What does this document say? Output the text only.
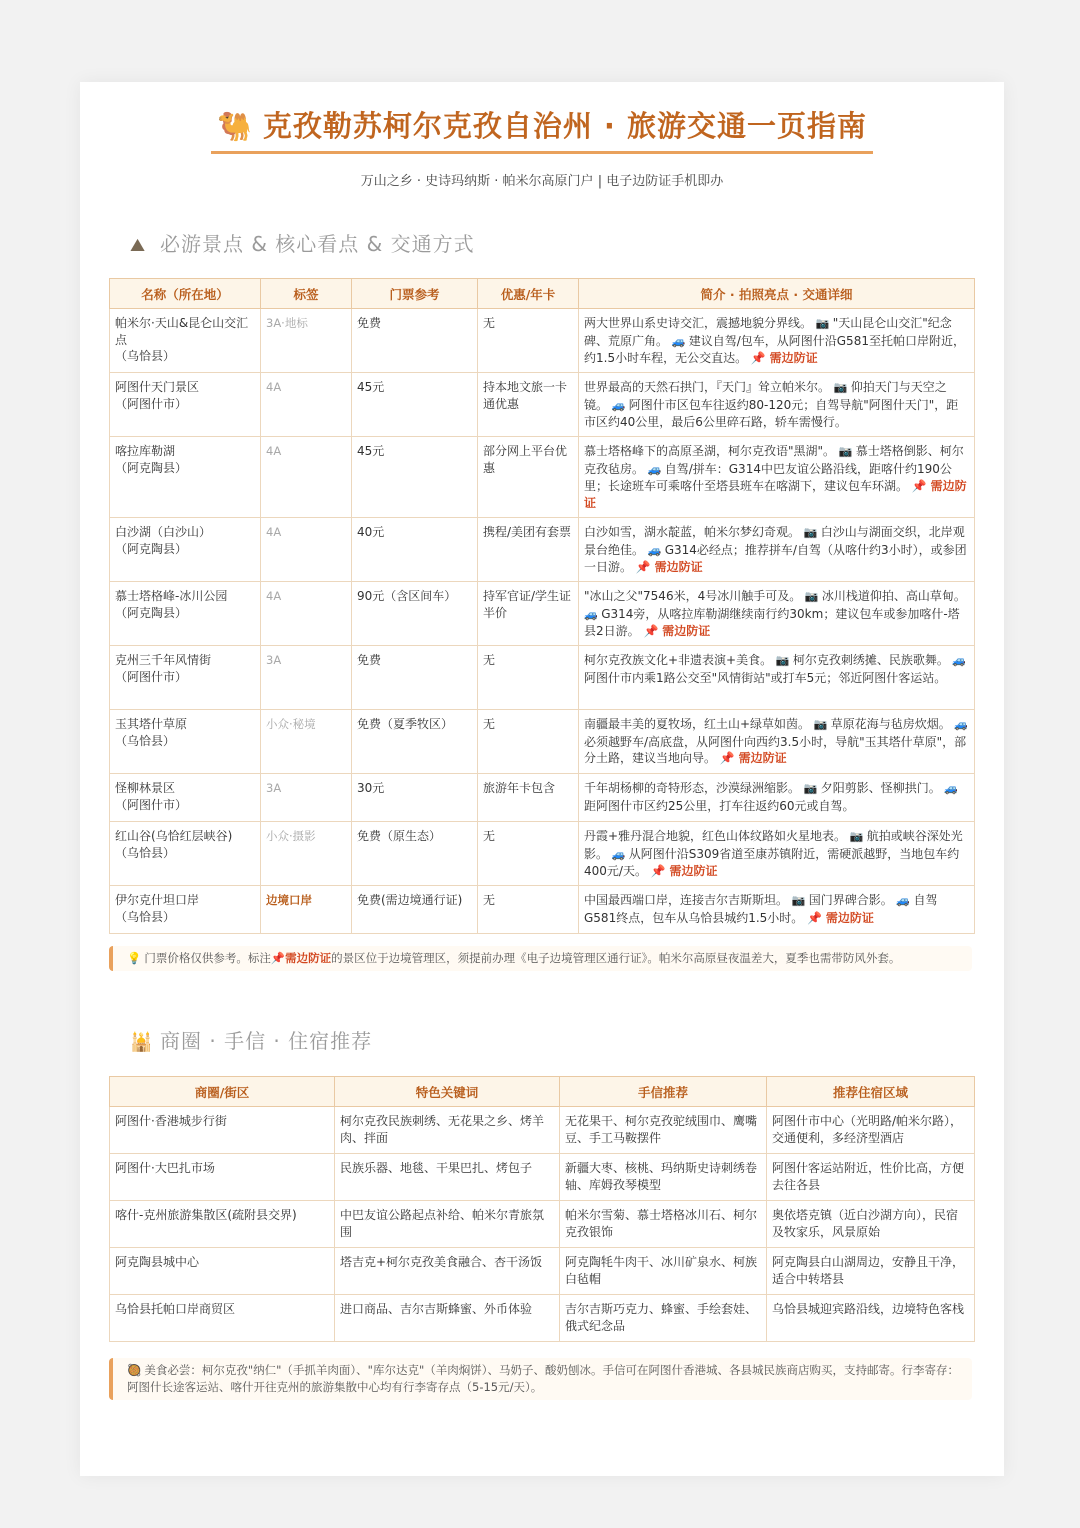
🐫 克孜勒苏柯尔克孜自治州 · 旅游交通一页指南
万山之乡 · 史诗玛纳斯 · 帕米尔高原门户 | 电子边防证手机即办
⛰ 必游景点 & 核心看点 & 交通方式
名称（所在地）	标签	门票参考	优惠/年卡	简介 · 拍照亮点 · 交通详细

帕米尔·天山&昆仑山交汇点
（乌恰县）	3A·地标	免费	无	两大世界山系史诗交汇，震撼地貌分界线。 📷 "天山昆仑山交汇"纪念碑、荒原广角。 🚙 建议自驾/包车，从阿图什沿G581至托帕口岸附近，约1.5小时车程，无公交直达。 📌 需边防证

阿图什天门景区
（阿图什市）	4A	45元	持本地文旅一卡通优惠	世界最高的天然石拱门，『天门』耸立帕米尔。 📷 仰拍天门与天空之镜。 🚙 阿图什市区包车往返约80-120元；自驾导航"阿图什天门"，距市区约40公里，最后6公里碎石路，轿车需慢行。

喀拉库勒湖
（阿克陶县）	4A	45元	部分网上平台优惠	慕士塔格峰下的高原圣湖，柯尔克孜语"黑湖"。 📷 慕士塔格倒影、柯尔克孜毡房。 🚙 自驾/拼车：G314中巴友谊公路沿线，距喀什约190公里；长途班车可乘喀什至塔县班车在喀湖下，建议包车环湖。 📌 需边防证

白沙湖（白沙山）
（阿克陶县）	4A	40元	携程/美团有套票	白沙如雪，湖水靛蓝，帕米尔梦幻奇观。 📷 白沙山与湖面交织，北岸观景台绝佳。 🚙 G314必经点；推荐拼车/自驾（从喀什约3小时），或参团一日游。 📌 需边防证

慕士塔格峰-冰川公园
（阿克陶县）	4A	90元（含区间车）	持军官证/学生证半价	"冰山之父"7546米，4号冰川触手可及。 📷 冰川栈道仰拍、高山草甸。 🚙 G314旁，从喀拉库勒湖继续南行约30km；建议包车或参加喀什-塔县2日游。 📌 需边防证

克州三千年风情街
（阿图什市）	3A	免费	无	柯尔克孜族文化+非遗表演+美食。 📷 柯尔克孜刺绣摊、民族歌舞。 🚙 阿图什市内乘1路公交至"风情街站"或打车5元；邻近阿图什客运站。

玉其塔什草原
（乌恰县）	小众·秘境	免费（夏季牧区）	无	南疆最丰美的夏牧场，红土山+绿草如茵。 📷 草原花海与毡房炊烟。 🚙 必须越野车/高底盘，从阿图什向西约3.5小时，导航"玉其塔什草原"，部分土路，建议当地向导。 📌 需边防证

怪柳林景区
（阿图什市）	3A	30元	旅游年卡包含	千年胡杨柳的奇特形态，沙漠绿洲缩影。 📷 夕阳剪影、怪柳拱门。 🚙 距阿图什市区约25公里，打车往返约60元或自驾。

红山谷(乌恰红层峡谷)
（乌恰县）	小众·摄影	免费（原生态）	无	丹霞+雅丹混合地貌，红色山体纹路如火星地表。 📷 航拍或峡谷深处光影。 🚙 从阿图什沿S309省道至康苏镇附近，需硬派越野，当地包车约400元/天。 📌 需边防证

伊尔克什坦口岸
（乌恰县）	边境口岸	免费(需边境通行证)	无	中国最西端口岸，连接吉尔吉斯斯坦。 📷 国门界碑合影。 🚙 自驾G581终点，包车从乌恰县城约1.5小时。 📌 需边防证
💡 门票价格仅供参考。标注📌需边防证的景区位于边境管理区，须提前办理《电子边境管理区通行证》。帕米尔高原昼夜温差大，夏季也需带防风外套。
🕌 商圈 · 手信 · 住宿推荐
商圈/街区	特色关键词	手信推荐	推荐住宿区域
阿图什·香港城步行街	柯尔克孜民族刺绣、无花果之乡、烤羊肉、拌面	无花果干、柯尔克孜驼绒围巾、鹰嘴豆、手工马鞍摆件	阿图什市中心（光明路/帕米尔路），交通便利，多经济型酒店
阿图什·大巴扎市场	民族乐器、地毯、干果巴扎、烤包子	新疆大枣、核桃、玛纳斯史诗刺绣卷轴、库姆孜琴模型	阿图什客运站附近，性价比高，方便去往各县
喀什-克州旅游集散区(疏附县交界)	中巴友谊公路起点补给、帕米尔青旅氛围	帕米尔雪菊、慕士塔格冰川石、柯尔克孜银饰	奥依塔克镇（近白沙湖方向），民宿及牧家乐，风景原始
阿克陶县城中心	塔吉克+柯尔克孜美食融合、杏干汤饭	阿克陶牦牛肉干、冰川矿泉水、柯族白毡帽	阿克陶县白山湖周边，安静且干净，适合中转塔县
乌恰县托帕口岸商贸区	进口商品、吉尔吉斯蜂蜜、外币体验	吉尔吉斯巧克力、蜂蜜、手绘套娃、俄式纪念品	乌恰县城迎宾路沿线，边境特色客栈
🥘 美食必尝：柯尔克孜"纳仁"（手抓羊肉面）、"库尔达克"（羊肉焖饼）、马奶子、酸奶刨冰。手信可在阿图什香港城、各县城民族商店购买，支持邮寄。行李寄存：阿图什长途客运站、喀什开往克州的旅游集散中心均有行李寄存点（5-15元/天）。
